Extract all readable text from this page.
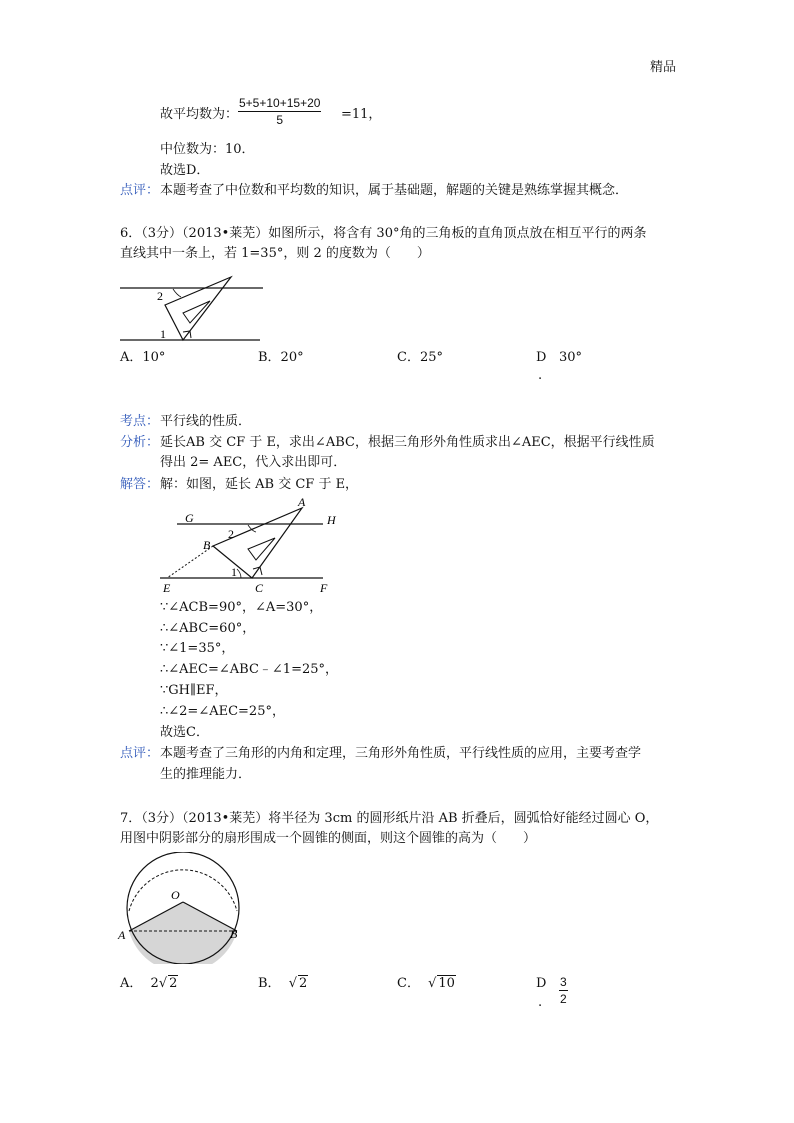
精品
故平均数为： $\frac{5+5+10+15+20}{5} =11$，
中位数为：10．
故选D．
点评： 本题考查了中位数和平均数的知识，属于基础题，解题的关键是熟练掌握其概念．
6．（3分）（2013•莱芜）如图所示，将含有 30°角的三角板的直角顶点放在相互平行的两条
直线其中一条上，若 1=35°，则 2 的度数为（　　）
2
1
A．10°	B．20°	C．25°	D 30°
.
考点： 平行线的性质．
分析： 延长AB 交 CF 于 E，求出∠ABC，根据三角形外角性质求出∠AEC，根据平行线性质
得出 2= AEC，代入求出即可．
解答： 解：如图，延长 AB 交 CF 于 E，
G	H
A
B
C
E	F
2
1
∵∠ACB=90°，∠A=30°，
∴∠ABC=60°，
∵∠1=35°，
∴∠AEC=∠ABC﹣∠1=25°，
∵GH∥EF，
∴∠2=∠AEC=25°，
故选C．
点评： 本题考查了三角形的内角和定理，三角形外角性质，平行线性质的应用，主要考查学
生的推理能力．
7．（3分）（2013•莱芜）将半径为 3cm 的圆形纸片沿 AB 折叠后，圆弧恰好能经过圆心 O，
用图中阴影部分的扇形围成一个圆锥的侧面，则这个圆锥的高为（　　）
O
A	B
A． 2√ 2	B． √ 2	C． √ 10	D
. $\frac{3}{2}$
